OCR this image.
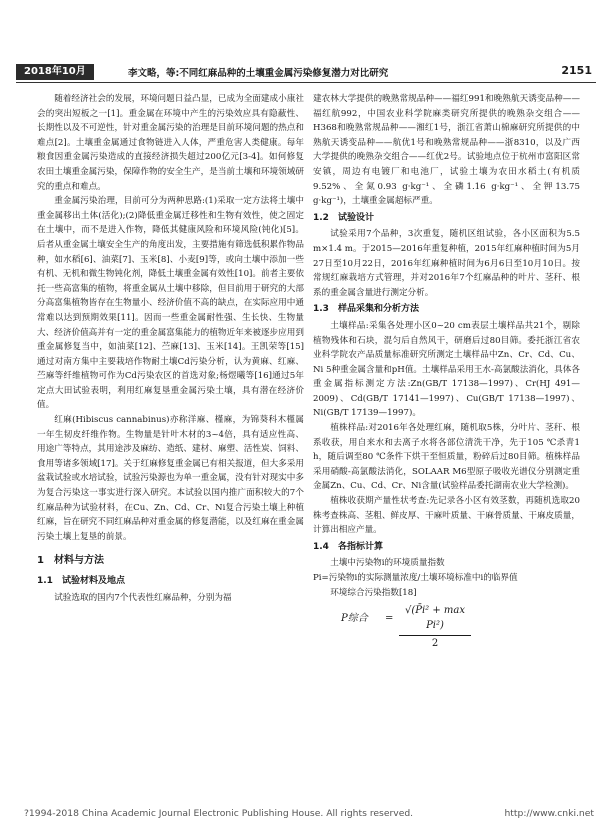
2018年10月	李文略，等:不同红麻品种的土壤重金属污染修复潜力对比研究	2151

随着经济社会的发展，环境问题日益凸显，已成为全面建成小康社会的突出短板之一[1]。重金属在环境中产生的污染效应具有隐蔽性、长期性以及不可逆性，针对重金属污染的治理是目前环境问题的热点和难点[2]。土壤重金属通过食物链进入人体，严重危害人类健康。每年粮食因重金属污染造成的直接经济损失超过200亿元[3-4]。如何修复农田土壤重金属污染，保障作物的安全生产，是当前土壤和环境领域研究的重点和难点。

重金属污染治理，目前可分为两种思路:(1)采取一定方法将土壤中重金属移出土体(活化);(2)降低重金属迁移性和生物有效性，使之固定在土壤中，而不是进入作物，降低其健康风险和环境风险(钝化)[5]。后者从重金属土壤安全生产的角度出发，主要措施有筛选低积累作物品种，如水稻[6]、油菜[7]、玉米[8]、小麦[9]等，或向土壤中添加一些有机、无机和微生物钝化剂，降低土壤重金属有效性[10]。前者主要依托一些高富集的植物，将重金属从土壤中移除，但目前用于研究的大部分高富集植物皆存在生物量小、经济价值不高的缺点，在实际应用中通常难以达到预期效果[11]。因而一些重金属耐性强、生长快、生物量大、经济价值高并有一定的重金属富集能力的植物近年来被逐步应用到重金属修复当中，如油菜[12]、苎麻[13]、玉米[14]。王凯荣等[15]通过对南方集中主要栽培作物耐土壤Cd污染分析，认为黄麻、红麻、苎麻等纤维植物可作为Cd污染农区的首选对象;杨煜曦等[16]通过5年定点大田试验表明，利用红麻复垦重金属污染土壤，具有潜在经济价值。

红麻(Hibiscus cannabinus)亦称洋麻、槿麻，为锦葵科木槿属一年生韧皮纤维作物。生物量是针叶木材的3~4倍，具有适应性高、用途广等特点，其用途涉及麻纺、造纸、建材、麻塑、活性炭、饲料、食用等诸多领域[17]。关于红麻修复重金属已有相关报道，但大多采用盆栽试验或水培试验，试验污染源也为单一重金属，没有针对现实中多为复合污染这一事实进行深入研究。本试验以国内推广面积较大的7个红麻品种为试验材料，在Cu、Zn、Cd、Cr、Ni复合污染土壤上种植红麻，旨在研究不同红麻品种对重金属的修复潜能，以及红麻在重金属污染土壤上复垦的前景。

1　材料与方法

1.1　试验材料及地点

试验选取的国内7个代表性红麻品种，分别为福

建农林大学提供的晚熟常规品种——福红991和晚熟航天诱变品种——福红航992，中国农业科学院麻类研究所提供的晚熟杂交组合——H368和晚熟常规品种——湘红1号，浙江省萧山棉麻研究所提供的中熟航天诱变品种——航优1号和晚熟常规品种——浙8310，以及广西大学提供的晚熟杂交组合——红优2号。试验地点位于杭州市富阳区常安镇，周边有电镀厂和电池厂，试验土壤为农田水稻土(有机质9.52%、全氮0.93 g·kg⁻¹、全磷1.16 g·kg⁻¹、全钾13.75 g·kg⁻¹)，土壤重金属超标严重。

1.2　试验设计

试验采用7个品种，3次重复，随机区组试验，各小区面积为5.5 m×1.4 m。于2015—2016年重复种植，2015年红麻种植时间为5月27日至10月22日，2016年红麻种植时间为6月6日至10月10日。按常规红麻栽培方式管理，并对2016年7个红麻品种的叶片、茎秆、根系的重金属含量进行测定分析。

1.3　样品采集和分析方法

土壤样品:采集各处理小区0~20 cm表层土壤样品共21个，剔除植物残体和石块，混匀后自然风干，研磨后过80目筛。委托浙江省农业科学院农产品质量标准研究所测定土壤样品中Zn、Cr、Cd、Cu、Ni 5种重金属含量和pH值。土壤样品采用王水-高氯酸法消化，具体各重金属指标测定方法:Zn(GB/T 17138—1997)、Cr(HJ 491—2009)、Cd(GB/T 17141—1997)、Cu(GB/T 17138—1997)、Ni(GB/T 17139—1997)。

植株样品:对2016年各处理红麻，随机取5株，分叶片、茎秆、根系收获，用自来水和去离子水将各部位清洗干净，先于105 ℃杀青1 h，随后调至80 ℃条件下烘干至恒质量，粉碎后过80目筛。植株样品采用硝酸-高氯酸法消化，SOLAAR M6型原子吸收光谱仪分别测定重金属Zn、Cu、Cd、Cr、Ni含量(试验样品委托湖南农业大学检测)。

植株收获期产量性状考查:先记录各小区有效茎数，再随机选取20株考查株高、茎粗、鲜皮厚、干麻叶质量、干麻骨质量、干麻皮质量，计算出相应产量。

1.4　各指标计算

土壤中污染物i的环境质量指数

Pi=污染物i的实际测量浓度/土壤环境标准中i的临界值

环境综合污染指数[18]

P综合 =
√(P̄i² + max Pi²)
2
?1994-2018 China Academic Journal Electronic Publishing House. All rights reserved.	http://www.cnki.net
